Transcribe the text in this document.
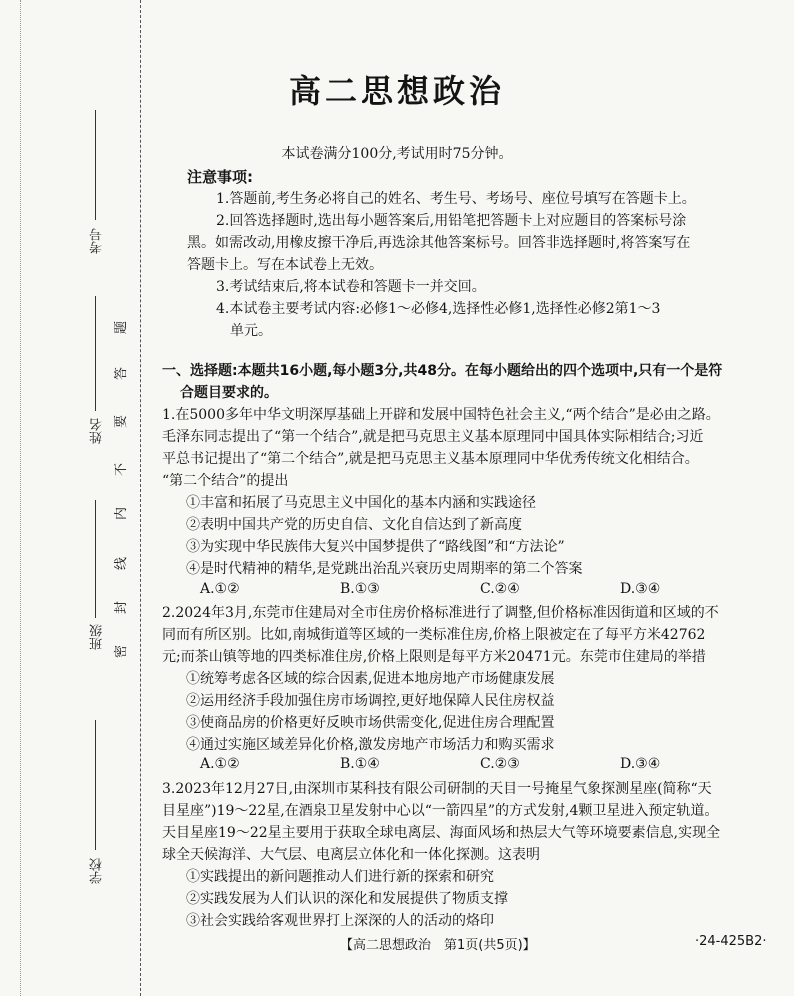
考号
姓名
班级
学校
题
答
要
不
内
线
封
密
高二思想政治
本试卷满分100分,考试用时75分钟。
注意事项:
1.答题前,考生务必将自己的姓名、考生号、考场号、座位号填写在答题卡上。
2.回答选择题时,选出每小题答案后,用铅笔把答题卡上对应题目的答案标号涂
黑。如需改动,用橡皮擦干净后,再选涂其他答案标号。回答非选择题时,将答案写在
答题卡上。写在本试卷上无效。
3.考试结束后,将本试卷和答题卡一并交回。
4.本试卷主要考试内容:必修1～必修4,选择性必修1,选择性必修2第1～3
单元。
一、选择题:本题共16小题,每小题3分,共48分。在每小题给出的四个选项中,只有一个是符
合题目要求的。
1.在5000多年中华文明深厚基础上开辟和发展中国特色社会主义,“两个结合”是必由之路。
毛泽东同志提出了“第一个结合”,就是把马克思主义基本原理同中国具体实际相结合;习近
平总书记提出了“第二个结合”,就是把马克思主义基本原理同中华优秀传统文化相结合。
“第二个结合”的提出
①丰富和拓展了马克思主义中国化的基本内涵和实践途径
②表明中国共产党的历史自信、文化自信达到了新高度
③为实现中华民族伟大复兴中国梦提供了“路线图”和“方法论”
④是时代精神的精华,是党跳出治乱兴衰历史周期率的第二个答案
A.①②	B.①③	C.②④	D.③④
2.2024年3月,东莞市住建局对全市住房价格标准进行了调整,但价格标准因街道和区域的不
同而有所区别。比如,南城街道等区域的一类标准住房,价格上限被定在了每平方米42762
元;而茶山镇等地的四类标准住房,价格上限则是每平方米20471元。东莞市住建局的举措
①统筹考虑各区域的综合因素,促进本地房地产市场健康发展
②运用经济手段加强住房市场调控,更好地保障人民住房权益
③使商品房的价格更好反映市场供需变化,促进住房合理配置
④通过实施区域差异化价格,激发房地产市场活力和购买需求
A.①②	B.①④	C.②③	D.③④
3.2023年12月27日,由深圳市某科技有限公司研制的天目一号掩星气象探测星座(简称“天
目星座”)19～22星,在酒泉卫星发射中心以“一箭四星”的方式发射,4颗卫星进入预定轨道。
天目星座19～22星主要用于获取全球电离层、海面风场和热层大气等环境要素信息,实现全
球全天候海洋、大气层、电离层立体化和一体化探测。这表明
①实践提出的新问题推动人们进行新的探索和研究
②实践发展为人们认识的深化和发展提供了物质支撑
③社会实践给客观世界打上深深的人的活动的烙印
【高二思想政治　第1页(共5页)】	·24-425B2·
